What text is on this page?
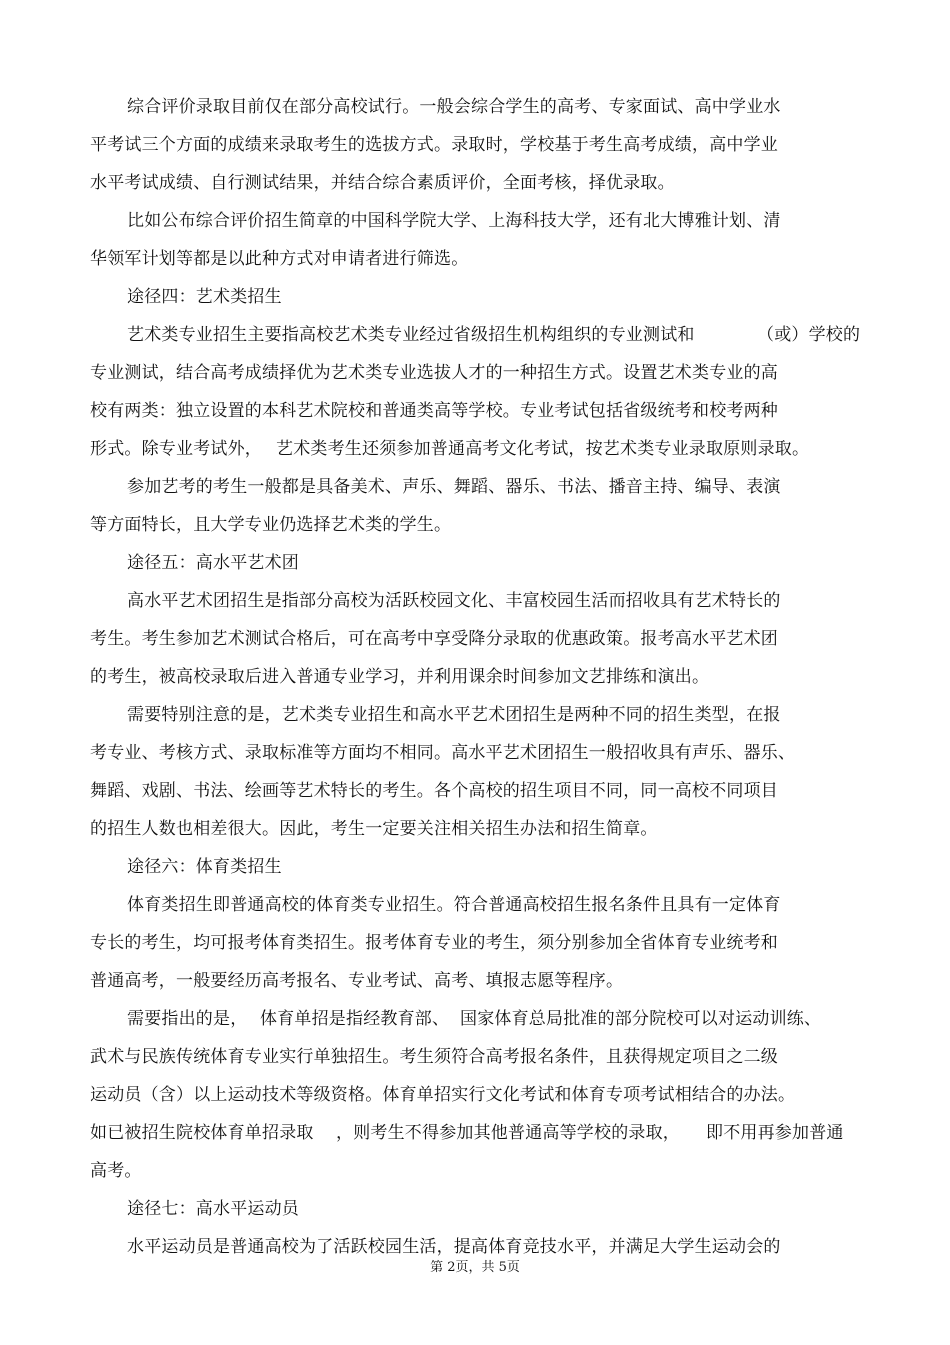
综合评价录取目前仅在部分高校试行。一般会综合学生的高考、专家面试、高中学业水
平考试三个方面的成绩来录取考生的选拔方式。录取时，学校基于考生高考成绩，高中学业
水平考试成绩、自行测试结果，并结合综合素质评价，全面考核，择优录取。
比如公布综合评价招生简章的中国科学院大学、上海科技大学，还有北大博雅计划、清
华领军计划等都是以此种方式对申请者进行筛选。
途径四：艺术类招生
艺术类专业招生主要指高校艺术类专业经过省级招生机构组织的专业测试和	（或）学校的
专业测试，结合高考成绩择优为艺术类专业选拔人才的一种招生方式。设置艺术类专业的高
校有两类：独立设置的本科艺术院校和普通类高等学校。专业考试包括省级统考和校考两种
形式。除专业考试外， 艺术类考生还须参加普通高考文化考试，按艺术类专业录取原则录取。
参加艺考的考生一般都是具备美术、声乐、舞蹈、器乐、书法、播音主持、编导、表演
等方面特长，且大学专业仍选择艺术类的学生。
途径五：高水平艺术团
高水平艺术团招生是指部分高校为活跃校园文化、丰富校园生活而招收具有艺术特长的
考生。考生参加艺术测试合格后，可在高考中享受降分录取的优惠政策。报考高水平艺术团
的考生，被高校录取后进入普通专业学习，并利用课余时间参加文艺排练和演出。
需要特别注意的是，艺术类专业招生和高水平艺术团招生是两种不同的招生类型，在报
考专业、考核方式、录取标准等方面均不相同。高水平艺术团招生一般招收具有声乐、器乐、
舞蹈、戏剧、书法、绘画等艺术特长的考生。各个高校的招生项目不同，同一高校不同项目
的招生人数也相差很大。因此，考生一定要关注相关招生办法和招生简章。
途径六：体育类招生
体育类招生即普通高校的体育类专业招生。符合普通高校招生报名条件且具有一定体育
专长的考生，均可报考体育类招生。报考体育专业的考生，须分别参加全省体育专业统考和
普通高考，一般要经历高考报名、专业考试、高考、填报志愿等程序。
需要指出的是， 体育单招是指经教育部、 国家体育总局批准的部分院校可以对运动训练、
武术与民族传统体育专业实行单独招生。考生须符合高考报名条件，且获得规定项目之二级
运动员（含）以上运动技术等级资格。体育单招实行文化考试和体育专项考试相结合的办法。
如已被招生院校体育单招录取 ，则考生不得参加其他普通高等学校的录取， 即不用再参加普通
高考。
途径七：高水平运动员
水平运动员是普通高校为了活跃校园生活，提高体育竞技水平，并满足大学生运动会的
第 2页，共 5页
